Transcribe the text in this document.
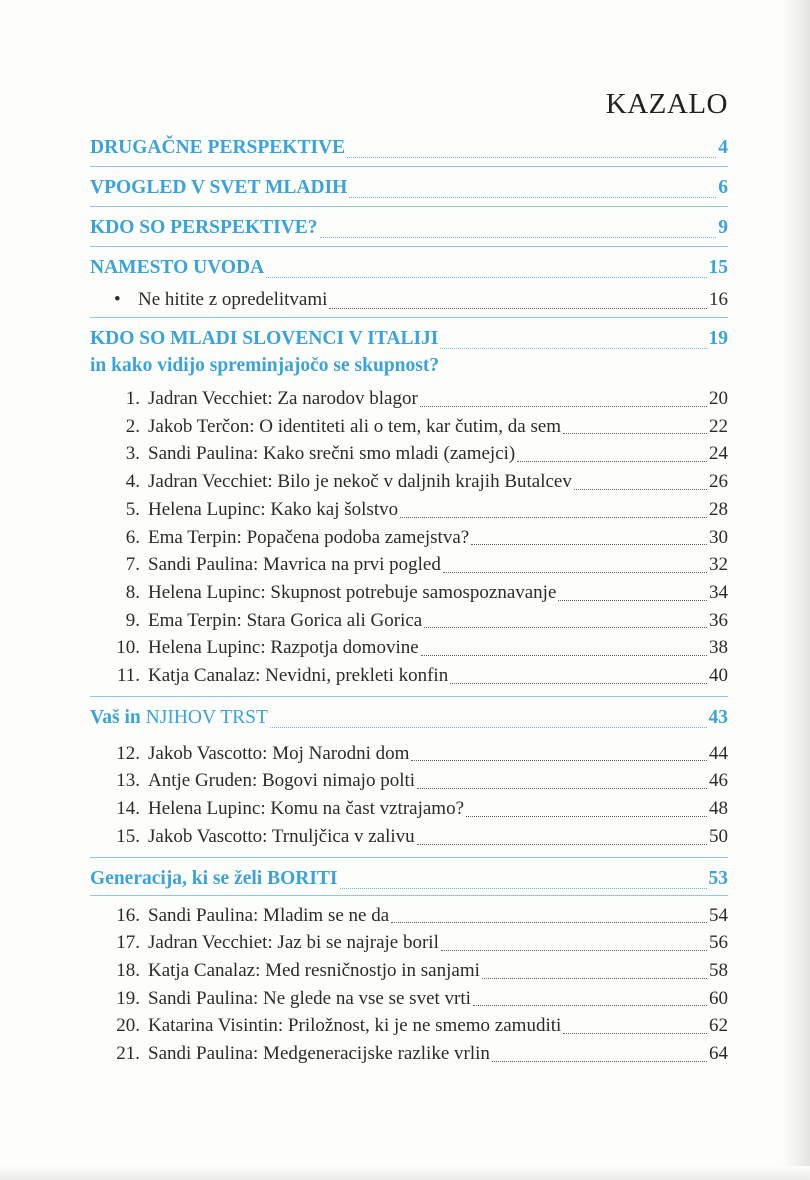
KAZALO
DRUGAČNE PERSPEKTIVE	4
VPOGLED V SVET MLADIH	6
KDO SO PERSPEKTIVE?	9
NAMESTO UVODA	15
• Ne hitite z opredelitvami	16
KDO SO MLADI SLOVENCI V ITALIJI	19
in kako vidijo spreminjajočo se skupnost?
1. Jadran Vecchiet: Za narodov blagor	20
2. Jakob Terčon: O identiteti ali o tem, kar čutim, da sem	22
3. Sandi Paulina: Kako srečni smo mladi (zamejci)	24
4. Jadran Vecchiet: Bilo je nekoč v daljnih krajih Butalcev	26
5. Helena Lupinc: Kako kaj šolstvo	28
6. Ema Terpin: Popačena podoba zamejstva?	30
7. Sandi Paulina: Mavrica na prvi pogled	32
8. Helena Lupinc: Skupnost potrebuje samospoznavanje	34
9. Ema Terpin: Stara Gorica ali Gorica	36
10. Helena Lupinc: Razpotja domovine	38
11. Katja Canalaz: Nevidni, prekleti konfin	40
Vaš in NJIHOV TRST	43
12. Jakob Vascotto: Moj Narodni dom	44
13. Antje Gruden: Bogovi nimajo polti	46
14. Helena Lupinc: Komu na čast vztrajamo?	48
15. Jakob Vascotto: Trnuljčica v zalivu	50
Generacija, ki se želi BORITI	53
16. Sandi Paulina: Mladim se ne da	54
17. Jadran Vecchiet: Jaz bi se najraje boril	56
18. Katja Canalaz: Med resničnostjo in sanjami	58
19. Sandi Paulina: Ne glede na vse se svet vrti	60
20. Katarina Visintin: Priložnost, ki je ne smemo zamuditi	62
21. Sandi Paulina: Medgeneracijske razlike vrlin	64
